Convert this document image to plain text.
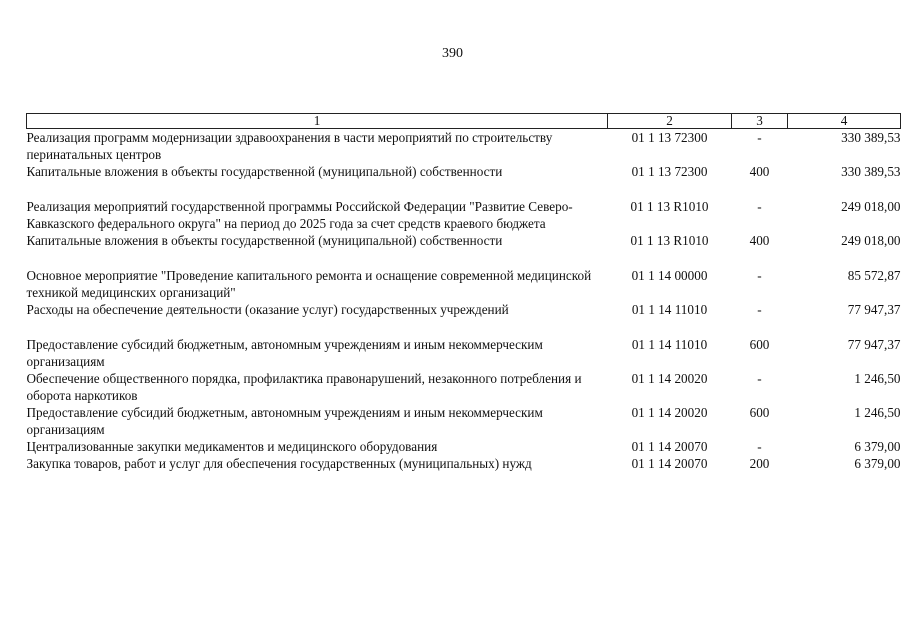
390
1	2	3	4
Реализация программ модернизации здравоохранения в части мероприятий по строительству перинатальных центров	01 1 13 72300	-	330 389,53
Капитальные вложения в объекты государственной (муниципальной) собственности	01 1 13 72300	400	330 389,53

Реализация мероприятий государственной программы Российской Федерации "Развитие Северо-Кавказского федерального округа" на период до 2025 года за счет средств краевого бюджета	01 1 13 R1010	-	249 018,00
Капитальные вложения в объекты государственной (муниципальной) собственности	01 1 13 R1010	400	249 018,00

Основное мероприятие "Проведение капитального ремонта и оснащение современной медицинской техникой медицинских организаций"	01 1 14 00000	-	85 572,87
Расходы на обеспечение деятельности (оказание услуг) государственных учреждений	01 1 14 11010	-	77 947,37

Предоставление субсидий бюджетным, автономным учреждениям и иным некоммерческим организациям	01 1 14 11010	600	77 947,37
Обеспечение общественного порядка, профилактика правонарушений, незаконного потребления и оборота наркотиков	01 1 14 20020	-	1 246,50
Предоставление субсидий бюджетным, автономным учреждениям и иным некоммерческим организациям	01 1 14 20020	600	1 246,50
Централизованные закупки медикаментов и медицинского оборудования	01 1 14 20070	-	6 379,00
Закупка товаров, работ и услуг для обеспечения государственных (муниципальных) нужд	01 1 14 20070	200	6 379,00
